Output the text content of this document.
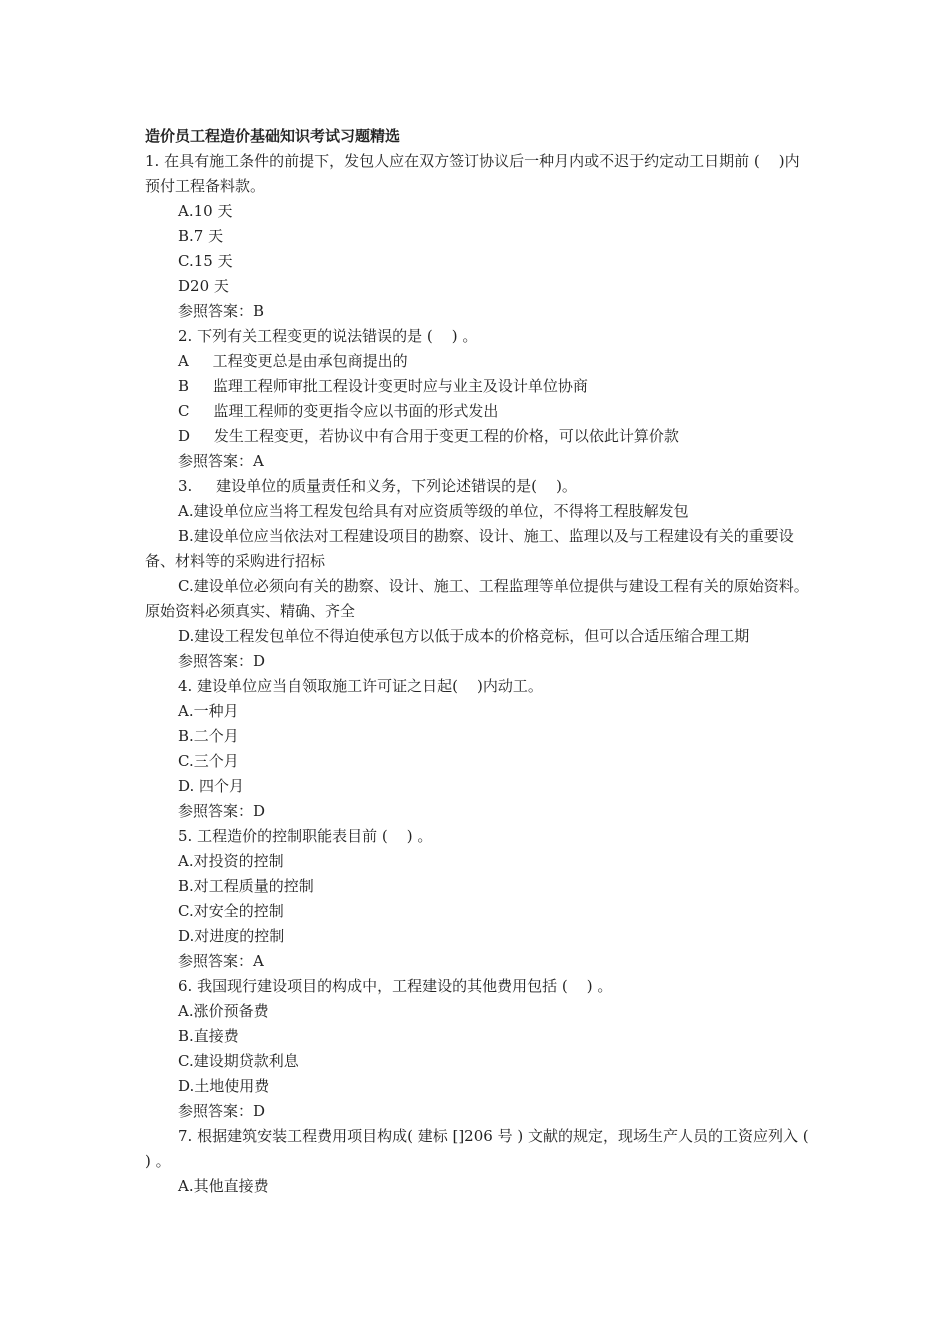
造价员工程造价基础知识考试习题精选
1. 在具有施工条件的前提下，发包人应在双方签订协议后一种月内或不迟于约定动工日期前 (    )内预付工程备料款。
A.10 天
B.7 天
C.15 天
D20 天
参照答案：B
2. 下列有关工程变更的说法错误的是 (    ) 。
A     工程变更总是由承包商提出的
B     监理工程师审批工程设计变更时应与业主及设计单位协商
C     监理工程师的变更指令应以书面的形式发出
D     发生工程变更，若协议中有合用于变更工程的价格，可以依此计算价款
参照答案：A
3.     建设单位的质量责任和义务，下列论述错误的是(    )。
A.建设单位应当将工程发包给具有对应资质等级的单位，不得将工程肢解发包
B.建设单位应当依法对工程建设项目的勘察、设计、施工、监理以及与工程建设有关的重要设备、材料等的采购进行招标
C.建设单位必须向有关的勘察、设计、施工、工程监理等单位提供与建设工程有关的原始资料。原始资料必须真实、精确、齐全
D.建设工程发包单位不得迫使承包方以低于成本的价格竞标，但可以合适压缩合理工期
参照答案：D
4. 建设单位应当自领取施工许可证之日起(    )内动工。
A.一种月
B.二个月
C.三个月
D. 四个月
参照答案：D
5. 工程造价的控制职能表目前 (    ) 。
A.对投资的控制
B.对工程质量的控制
C.对安全的控制
D.对进度的控制
参照答案：A
6. 我国现行建设项目的构成中，工程建设的其他费用包括 (    ) 。
A.涨价预备费
B.直接费
C.建设期贷款利息
D.土地使用费
参照答案：D
7. 根据建筑安装工程费用项目构成( 建标 []206 号 ) 文献的规定，现场生产人员的工资应列入 (    ) 。
A.其他直接费
